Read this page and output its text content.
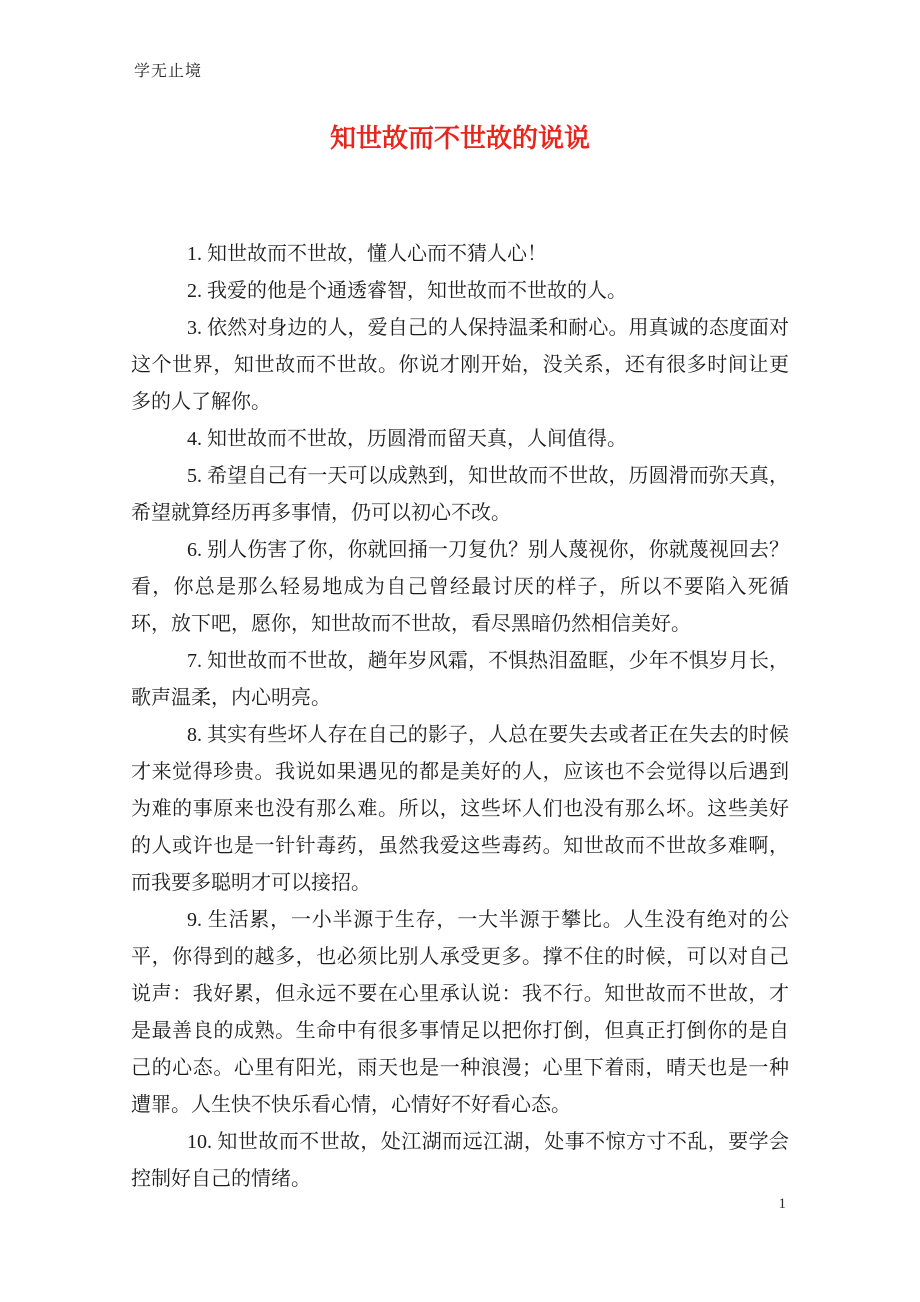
学无止境
知世故而不世故的说说

1. 知世故而不世故，懂人心而不猜人心！

2. 我爱的他是个通透睿智，知世故而不世故的人。

3. 依然对身边的人，爱自己的人保持温柔和耐心。用真诚的态度面对这个世界，知世故而不世故。你说才刚开始，没关系，还有很多时间让更多的人了解你。

4. 知世故而不世故，历圆滑而留天真，人间值得。

5. 希望自己有一天可以成熟到，知世故而不世故，历圆滑而弥天真，希望就算经历再多事情，仍可以初心不改。

6. 别人伤害了你，你就回捅一刀复仇？别人蔑视你，你就蔑视回去？看，你总是那么轻易地成为自己曾经最讨厌的样子，所以不要陷入死循环，放下吧，愿你，知世故而不世故，看尽黑暗仍然相信美好。

7. 知世故而不世故，趟年岁风霜，不惧热泪盈眶，少年不惧岁月长，歌声温柔，内心明亮。

8. 其实有些坏人存在自己的影子，人总在要失去或者正在失去的时候才来觉得珍贵。我说如果遇见的都是美好的人，应该也不会觉得以后遇到为难的事原来也没有那么难。所以，这些坏人们也没有那么坏。这些美好的人或许也是一针针毒药，虽然我爱这些毒药。知世故而不世故多难啊，而我要多聪明才可以接招。

9. 生活累，一小半源于生存，一大半源于攀比。人生没有绝对的公平，你得到的越多，也必须比别人承受更多。撑不住的时候，可以对自己说声：我好累，但永远不要在心里承认说：我不行。知世故而不世故，才是最善良的成熟。生命中有很多事情足以把你打倒，但真正打倒你的是自己的心态。心里有阳光，雨天也是一种浪漫；心里下着雨，晴天也是一种遭罪。人生快不快乐看心情，心情好不好看心态。

10. 知世故而不世故，处江湖而远江湖，处事不惊方寸不乱，要学会控制好自己的情绪。

1
